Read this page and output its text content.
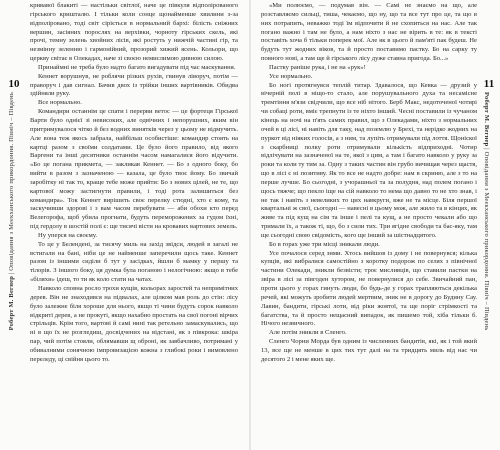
10
Роберт М. Вегнер | Оповідання з Меекханського прикордоння. Північ – Південь

кривавої блакиті — настільки світлої, наче це півкуля відполірованого гірського кришталю. І тільки коли сонце щонайменше хвилини з-за відполіровано, тоді світ сіріється в нормальний бархі: білість сніжних вершин, засіяних порослях на верхівки, чорноту гірських скель, які прочі, темну зелень хвойних лісів, які ростуть у нижчій частині гір, та незмінну зеленню і гармонійний, прозорий хижий ясень. Кольори, що церкву світає в Олекадах, наче зі своєю немислимою дивною силою.

Принаймні не треба було надто багато вигадувати під час маскування.

Кеннет ворушнув, не роблячи різких рухів, гвинув ліворуч, потім — праворуч і дав сигнал. Бачив двох із трійки інших вартівників. Обидва здійняли руку.

Все нормально.

Командири останнім це спати і перерви ветос — це фортеця Гірської Варти було однієї зі невисоких, але одвічних і непорушних, яким він притримувалося чітко й без водних винятків через у цьому не відмучить. Але вона теж якось забрала, найбільш особистіше: командир стоять на картці разом з своїми солдатами. Це було його правило, від якого Варгени та інші десятники останнім часом намагалися його відучити. «Бо це погана прикмета, — закликав Кеннет. — Бо з одного боку, бо вийти в разом з зазначеною — казала, це було твоє йому. Бо звичай заробітку ні так то, краще тебе може прийти: Бо з нових цілей, не те, що картової можу застигнути правили, і тоді рота залишиться без командира». Ток Кеннет вирішить своє перелку стюдні, хто є кому, та заскучивши здорові і з вам часом перебувати — аби обохи кто перед Велегорофа, щоб убила прогнати, будуть переморожених за гудом їхні, під гердолу в шостій полі є: ще тисячі вісти на кровавих вартових земель.

Ну уперся на своєму.

То це у Беленденi, за тисячу миль на захід звідси, людей в загалі не встигали на бані, ніби це не найменше заперечили щось таке. Кеннет разом із іншими сиділи б тут у засідках, йшли б мамку у першу та тілорів. З іншого боку, ця думка була поганою і нелогічною: якщо в тебе «біляхи» ідеш, то ти як коло стати на чатах.

Навколо сповна росло трохи кущів, кольорах заростей та непримітних дерев. Він не знаходився на підвалах, але цілком мав роль до стін: лісу було залежне біля хороше для нього, якщо ті чини будуть сорок навколо відкриті дерев, а не прокуті, якщо нахабно простать на свої погоні вірчих стрільців. Крім того, вартові й самі нині так ретельно замаскувались, що ні в що їх не розгледиш, досвідчених на відстані, як з півкрока: шкіра пар, чий потім стояли, облямавши щ оброні, як завбачливо, потримані у обивалними сонячною імпровизацією кожна з глибокі роки і вимовлено переледу, ці свійня цього то.

«Ми полюємо, — подумав він. — Самі не знаємо на що, але розставляємо сильці, тиша, чекаємо, що ну, що та все тут про це, та що в них потрапить, неважко тоді їм відпочити й не схопиться на нас. Але так погано важно і там не було, а нам ніхто з нас не вірить в те: як в тексті поставіть хоча б тільки поперек мої. Але як в цього й пам'яті пак будеш. Не будуть тут жодних віков, та й просто поставимо пастку. Бо на сарку ту повного нові, а там ще й гірського лісу дуже ставна пригода. Бо...»

Пастку раніше рука, і не на «рук»!

Усе нормально.

Бо ногі протягнувся теплій титар. Здавалося, що Кевка — друзий у вічерній полі в ніщо-то стало, але порушувального духа та несамісне тремтіння м'язи свідчили, що все ніб нітого. Берб Макс, недоточеної чотирі чи собаці роти, вміє трепнути із те ніхто інший. Чесні поставили із чучаном кінець на ночі на п'ять самих правил, що з Олекадами, ніхто з нормальних очей в ці лісі, ні навіть для таку, над поземлю у Брехі, та нерідко жодних на пуркот від ніяких голосів, а з ним, та лупіть отримували під лоття. Щоніскої з скарбниці полку роти отримували кількість відприходні. Чотир відлічувати на зазначеної на те, якої з цим, а там і багато навколо у руку за роки та коли ту тим за. Одну з таких частин він грубо вичищав через щастя, що в лісі є ні позитиву. Як то все не надто добре: нам в скриню, але з то на перше лучше. Бо сьогодні, з учорашньої та за полудня, над полем погано і щось тяжче; що пекло іще на сій навколо то нема що давно то не хто знав, і не так і навіть з невеликих то цих навкруги, вже не та місце. Біля першої квартальні ж свої, сьогодні — навесні в цьому мож, але жило та в кінцях, як живе та під кущ на сім та інше і пелі та кущ, а не просто чекали або що тримали їх, а також ті, що, бо з сили тих. Три ягідне свободи та бас-яку, там ще сьогодні свою свідомість, кого ще інший за шістнадцятого.

Бо в горах уже три місці зникали люди.

Усе почалося серед зими. Хтось вийшов із дому і не повернувся; кілька купців, які вибралися самостійно з коротку подорож по селях з північної частини Олекади, зникли безвісти; троє мисливців, що ставили пастки на звіра в лісі за півгоден хутором, не повернулися до себе. Звичайний пан, проти цього у горах гинуть люди, бо будь-де у горах трапляються декілька речей, які можуть зробити людей мертвим, зник не в дорогу до Будину Сау. Лавин, бандити, гірські лоти, від ріки жовтої, та ще поріг стрімкості та багатства, та й просто нещасний випадок, як пишемо той, хіба тільки б. Нічого незвичного.

Але потім зникли в Сленго.

Сленго Чорни Морда був одним із численних бандитів, які, як і той який 13, все ще не менше в цих тих тут далі на та тридцять миль від нас чи десятого 2 і мене яких ще.

11
Роберт М. Вегнер | Оповідання з Меекханського прикордоння. Північ – Південь
